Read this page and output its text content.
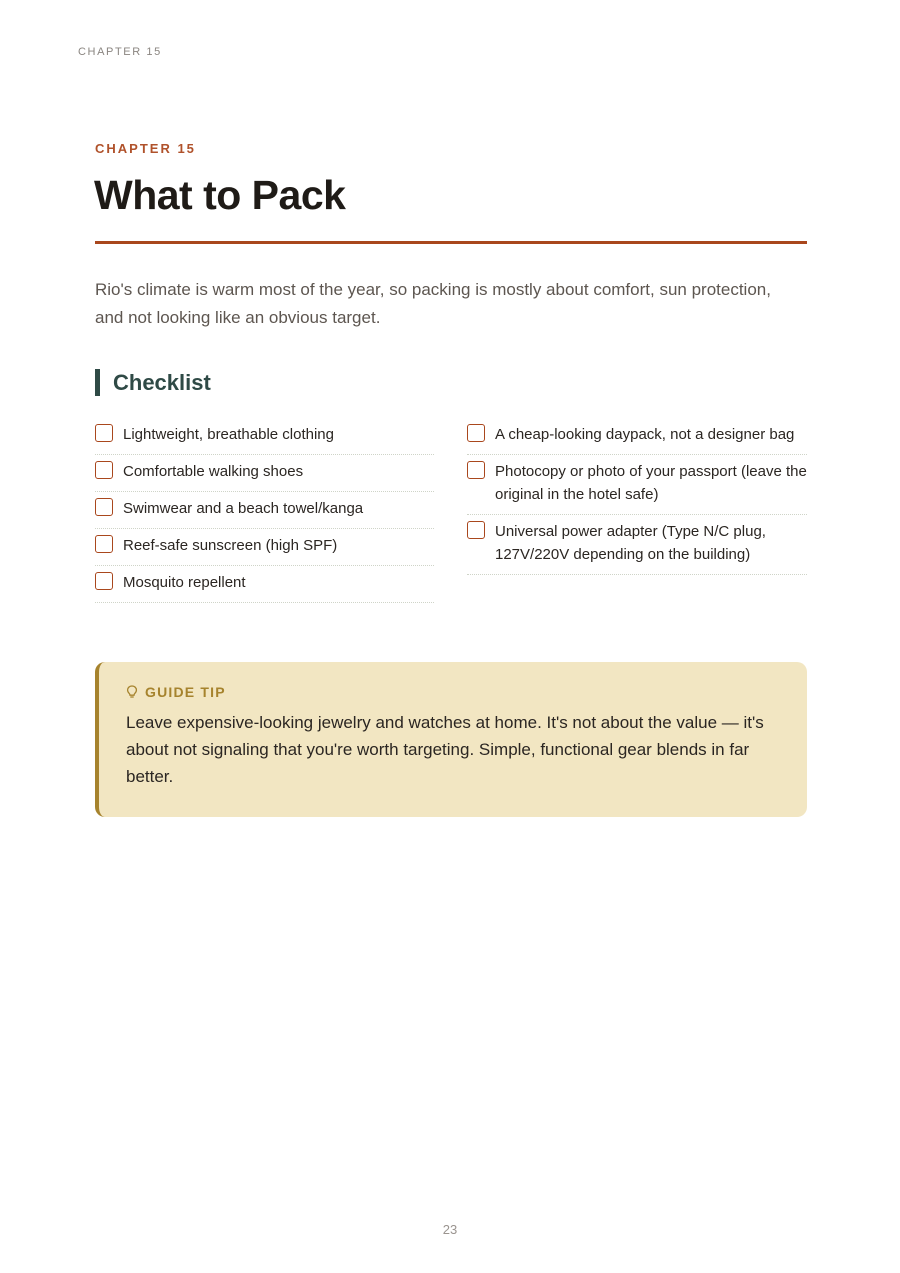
CHAPTER 15
CHAPTER 15
What to Pack

Rio's climate is warm most of the year, so packing is mostly about comfort, sun protection, and not looking like an obvious target.

Checklist
Lightweight, breathable clothing
Comfortable walking shoes
Swimwear and a beach towel/kanga
Reef-safe sunscreen (high SPF)
Mosquito repellent
A cheap-looking daypack, not a designer bag
Photocopy or photo of your passport (leave the original in the hotel safe)
Universal power adapter (Type N/C plug, 127V/220V depending on the building)
GUIDE TIP

Leave expensive-looking jewelry and watches at home. It's not about the value — it's about not signaling that you're worth targeting. Simple, functional gear blends in far better.

23
